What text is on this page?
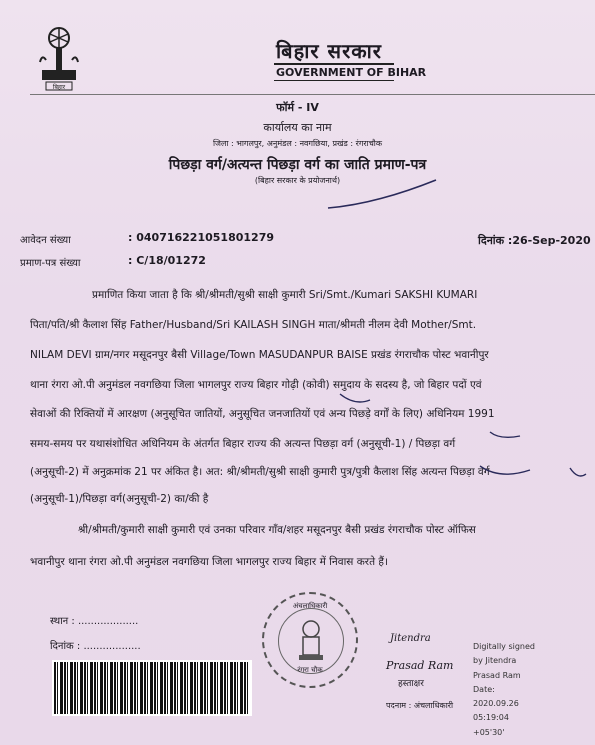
बिहार
बिहार सरकार
GOVERNMENT OF BIHAR
फॉर्म - IV
कार्यालय का नाम
जिला : भागलपुर, अनुमंडल : नवगछिया, प्रखंड : रंगराचौक
पिछड़ा वर्ग/अत्यन्त पिछड़ा वर्ग का जाति प्रमाण-पत्र
(बिहार सरकार के प्रयोजनार्थ)
आवेदन संख्या	: 040716221051801279
प्रमाण-पत्र संख्या	: C/18/01272
दिनांक :26-Sep-2020
प्रमाणित किया जाता है कि श्री/श्रीमती/सुश्री साक्षी कुमारी Sri/Smt./Kumari SAKSHI KUMARI
पिता/पति/श्री कैलाश सिंह Father/Husband/Sri KAILASH SINGH माता/श्रीमती नीलम देवी Mother/Smt.
NILAM DEVI ग्राम/नगर मसूदनपुर बैसी Village/Town MASUDANPUR BAISE प्रखंड रंगराचौक पोस्ट भवानीपुर
थाना रंगरा ओ.पी अनुमंडल नवगछिया जिला भागलपुर राज्य बिहार गोढ़ी (कोवी) समुदाय के सदस्य है, जो बिहार पदों एवं
सेवाओं की रिक्तियों में आरक्षण (अनुसूचित जातियों, अनुसूचित जनजातियों एवं अन्य पिछड़े वर्गों के लिए) अधिनियम 1991
समय-समय पर यथासंशोधित अधिनियम के अंतर्गत बिहार राज्य की अत्यन्त पिछड़ा वर्ग (अनुसूची-1) / पिछड़ा वर्ग
(अनुसूची-2) में अनुक्रमांक 21 पर अंकित है। अत: श्री/श्रीमती/सुश्री साक्षी कुमारी पुत्र/पुत्री कैलाश सिंह अत्यन्त पिछड़ा वर्ग
(अनुसूची-1)/पिछड़ा वर्ग(अनुसूची-2) का/की है
श्री/श्रीमती/कुमारी साक्षी कुमारी एवं उनका परिवार गाँव/शहर मसूदनपुर बैसी प्रखंड रंगराचौक पोस्ट ऑफिस
भवानीपुर थाना रंगरा ओ.पी अनुमंडल नवगछिया जिला भागलपुर राज्य बिहार में निवास करते हैं।
स्थान : ...................
दिनांक : ..................
अंचलाधिकारी
रंगरा चौक
Jitendra
Prasad Ram
हस्ताक्षर
पदनाम : अंचलाधिकारी
Digitally signed
by Jitendra
Prasad Ram
Date:
2020.09.26
05:19:04
+05'30'
